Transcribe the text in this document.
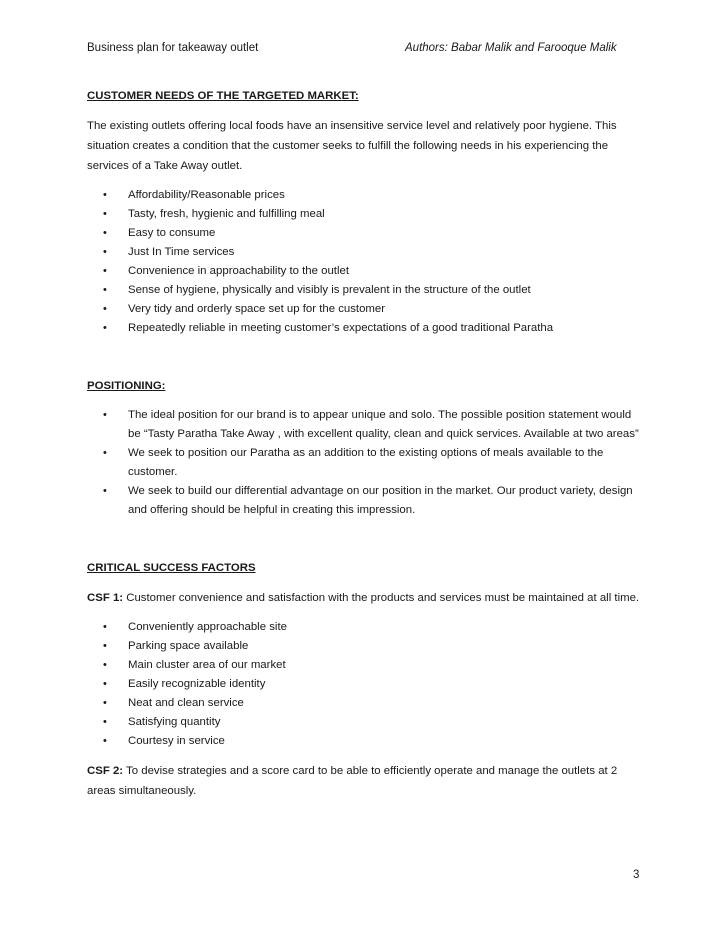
Business plan for takeaway outlet	Authors: Babar Malik and Farooque Malik

CUSTOMER NEEDS OF THE TARGETED MARKET:

The existing outlets offering local foods have an insensitive service level and relatively poor hygiene. This situation creates a condition that the customer seeks to fulfill the following needs in his experiencing the services of a Take Away outlet.

• Affordability/Reasonable prices
• Tasty, fresh, hygienic and fulfilling meal
• Easy to consume
• Just In Time services
• Convenience in approachability to the outlet
• Sense of hygiene, physically and visibly is prevalent in the structure of the outlet
• Very tidy and orderly space set up for the customer
• Repeatedly reliable in meeting customer’s expectations of a good traditional Paratha

POSITIONING:

• The ideal position for our brand is to appear unique and solo. The possible position statement would be “Tasty Paratha Take Away , with excellent quality, clean and quick services. Available at two areas”
• We seek to position our Paratha as an addition to the existing options of meals available to the customer.
• We seek to build our differential advantage on our position in the market. Our product variety, design and offering should be helpful in creating this impression.

CRITICAL SUCCESS FACTORS

CSF 1: Customer convenience and satisfaction with the products and services must be maintained at all time.

• Conveniently approachable site
• Parking space available
• Main cluster area of our market
• Easily recognizable identity
• Neat and clean service
• Satisfying quantity
• Courtesy in service

CSF 2: To devise strategies and a score card to be able to efficiently operate and manage the outlets at 2 areas simultaneously.

3
